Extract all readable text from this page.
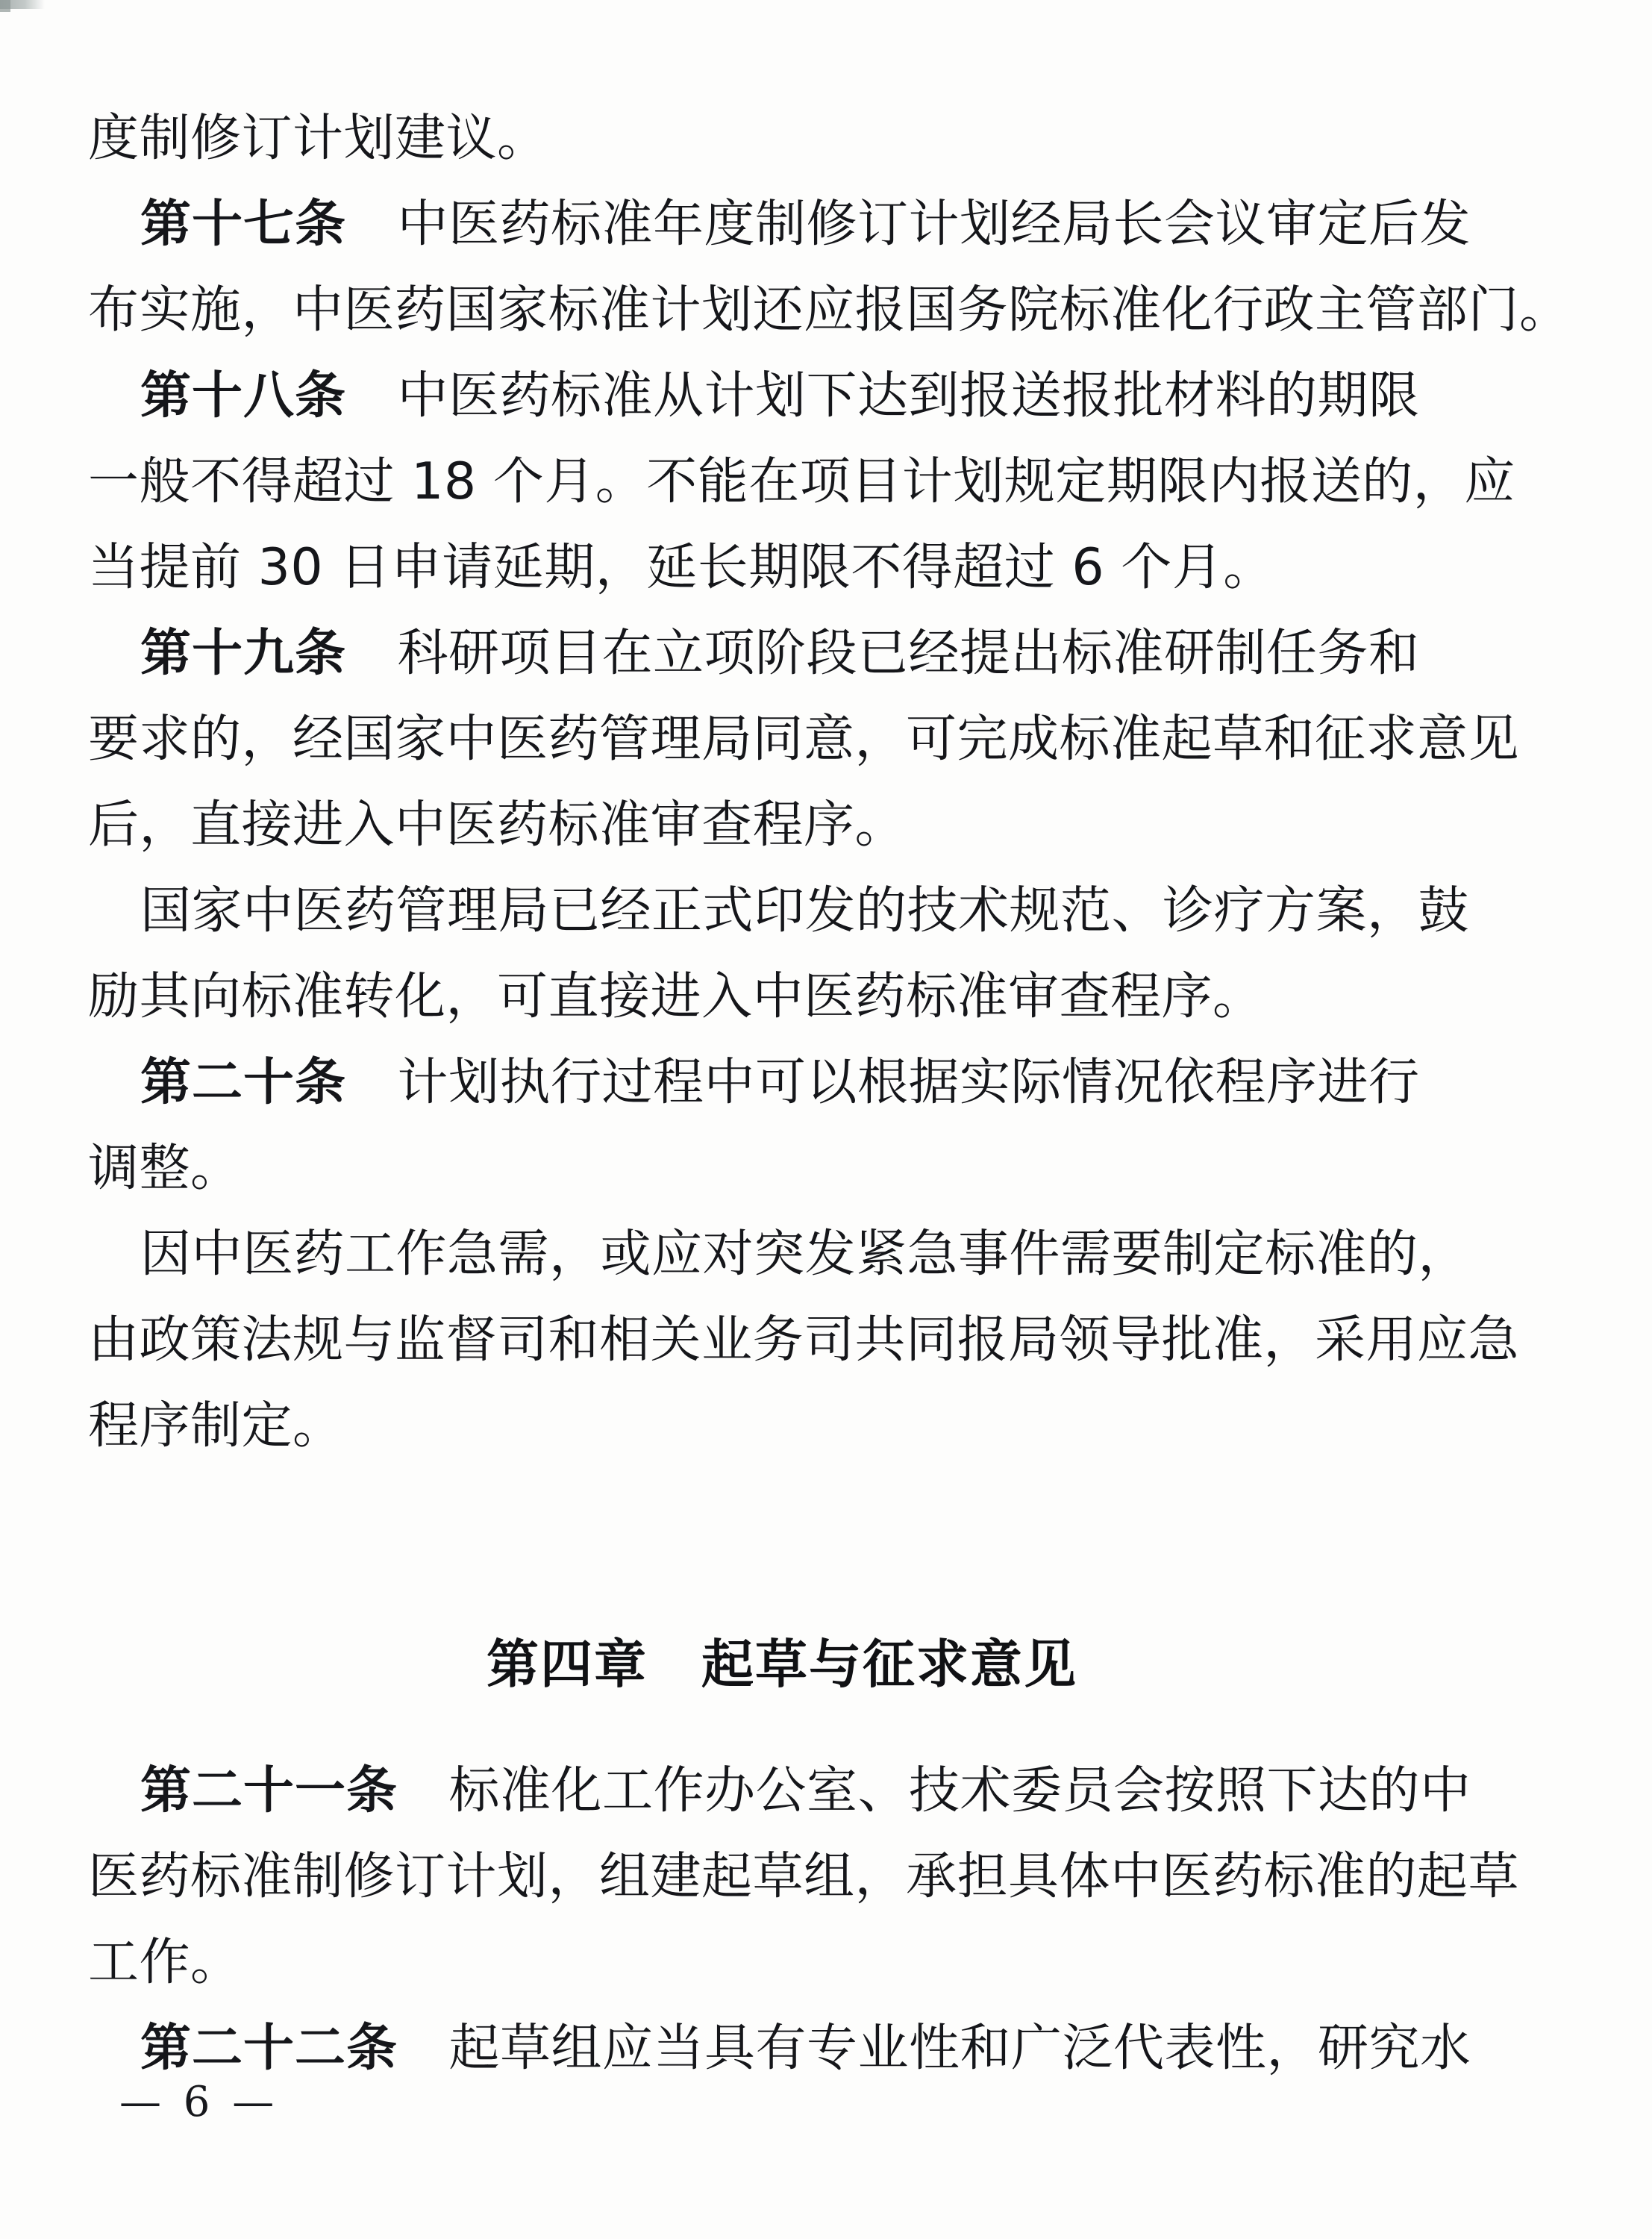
度制修订计划建议。
第十七条　中医药标准年度制修订计划经局长会议审定后发
布实施，中医药国家标准计划还应报国务院标准化行政主管部门。
第十八条　中医药标准从计划下达到报送报批材料的期限
一般不得超过 18 个月。不能在项目计划规定期限内报送的，应
当提前 30 日申请延期，延长期限不得超过 6 个月。
第十九条　科研项目在立项阶段已经提出标准研制任务和
要求的，经国家中医药管理局同意，可完成标准起草和征求意见
后，直接进入中医药标准审查程序。
国家中医药管理局已经正式印发的技术规范、诊疗方案，鼓
励其向标准转化，可直接进入中医药标准审查程序。
第二十条　计划执行过程中可以根据实际情况依程序进行
调整。
因中医药工作急需，或应对突发紧急事件需要制定标准的，
由政策法规与监督司和相关业务司共同报局领导批准，采用应急
程序制定。
第四章　起草与征求意见
第二十一条　标准化工作办公室、技术委员会按照下达的中
医药标准制修订计划，组建起草组，承担具体中医药标准的起草
工作。
第二十二条　起草组应当具有专业性和广泛代表性，研究水
— 6 —
